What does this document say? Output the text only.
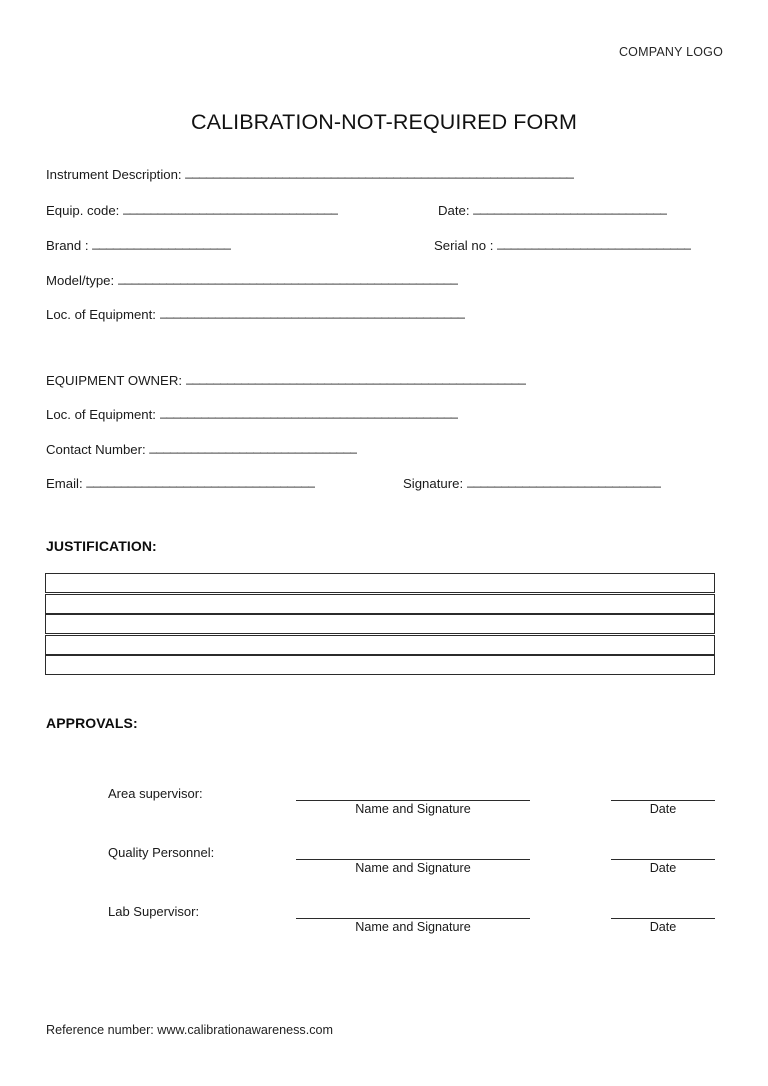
COMPANY LOGO
CALIBRATION-NOT-REQUIRED FORM
Instrument Description: ________________________________________________________
Equip. code: _______________________________	Date: ____________________________
Brand : ____________________	Serial no : ____________________________
Model/type: _________________________________________________
Loc. of Equipment: ____________________________________________
EQUIPMENT OWNER: _________________________________________________
Loc. of Equipment: ___________________________________________
Contact Number: ______________________________
Email: _________________________________	Signature: ____________________________
JUSTIFICATION:
APPROVALS:
Area supervisor:
Name and Signature	Date
Quality Personnel:
Name and Signature	Date
Lab Supervisor:
Name and Signature	Date
Reference number: www.calibrationawareness.com
